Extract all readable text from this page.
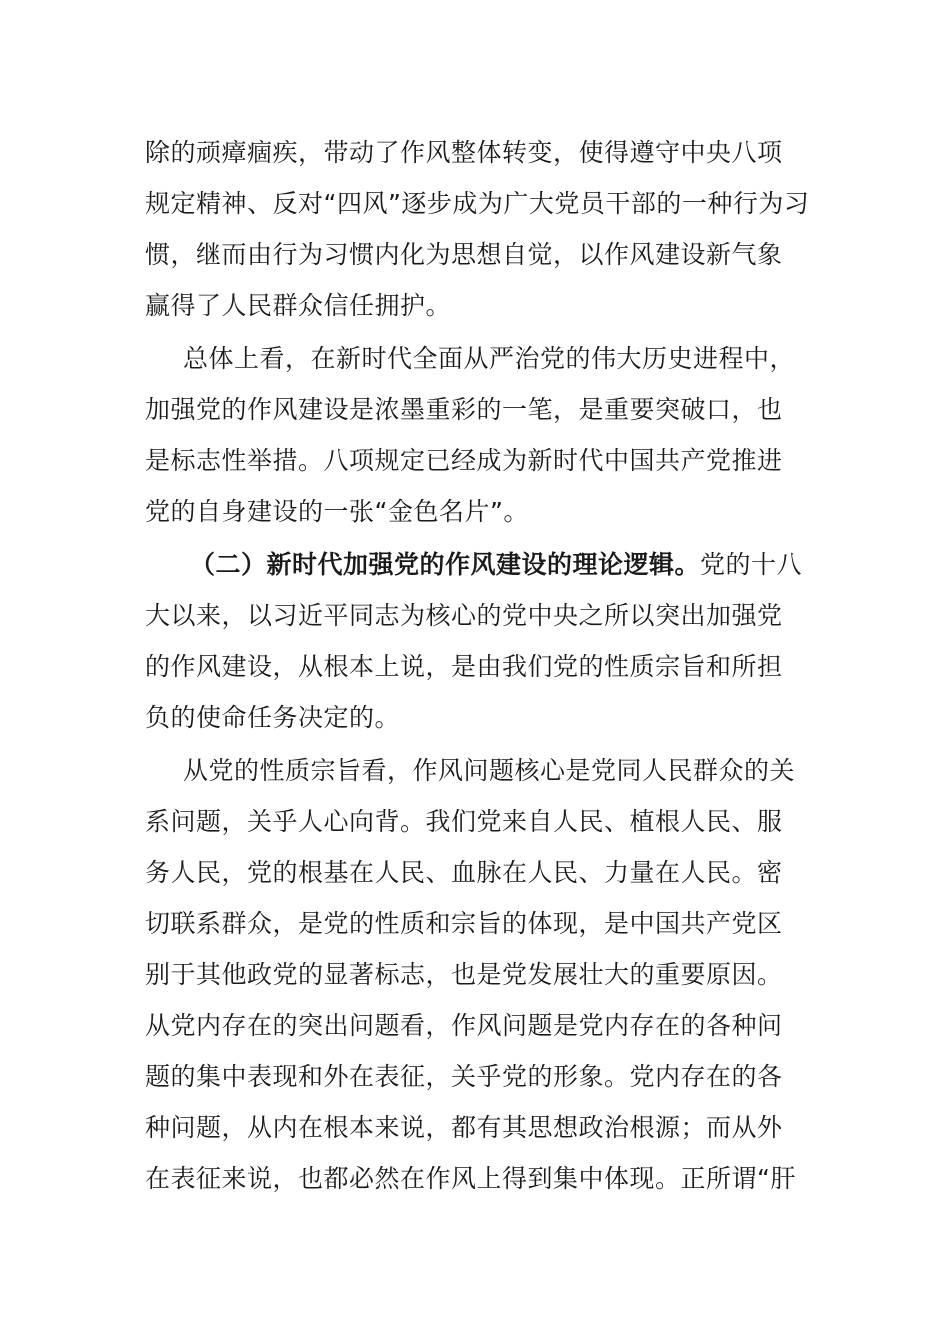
除的顽瘴痼疾，带动了作风整体转变，使得遵守中央八项
规定精神、反对“四风”逐步成为广大党员干部的一种行为习
惯，继而由行为习惯内化为思想自觉，以作风建设新气象
赢得了人民群众信任拥护。
总体上看，在新时代全面从严治党的伟大历史进程中，
加强党的作风建设是浓墨重彩的一笔，是重要突破口，也
是标志性举措。八项规定已经成为新时代中国共产党推进
党的自身建设的一张“金色名片”。
（二）新时代加强党的作风建设的理论逻辑。党的十八
大以来，以习近平同志为核心的党中央之所以突出加强党
的作风建设，从根本上说，是由我们党的性质宗旨和所担
负的使命任务决定的。
从党的性质宗旨看，作风问题核心是党同人民群众的关
系问题，关乎人心向背。我们党来自人民、植根人民、服
务人民，党的根基在人民、血脉在人民、力量在人民。密
切联系群众，是党的性质和宗旨的体现，是中国共产党区
别于其他政党的显著标志，也是党发展壮大的重要原因。
从党内存在的突出问题看，作风问题是党内存在的各种问
题的集中表现和外在表征，关乎党的形象。党内存在的各
种问题，从内在根本来说，都有其思想政治根源；而从外
在表征来说，也都必然在作风上得到集中体现。正所谓“肝
